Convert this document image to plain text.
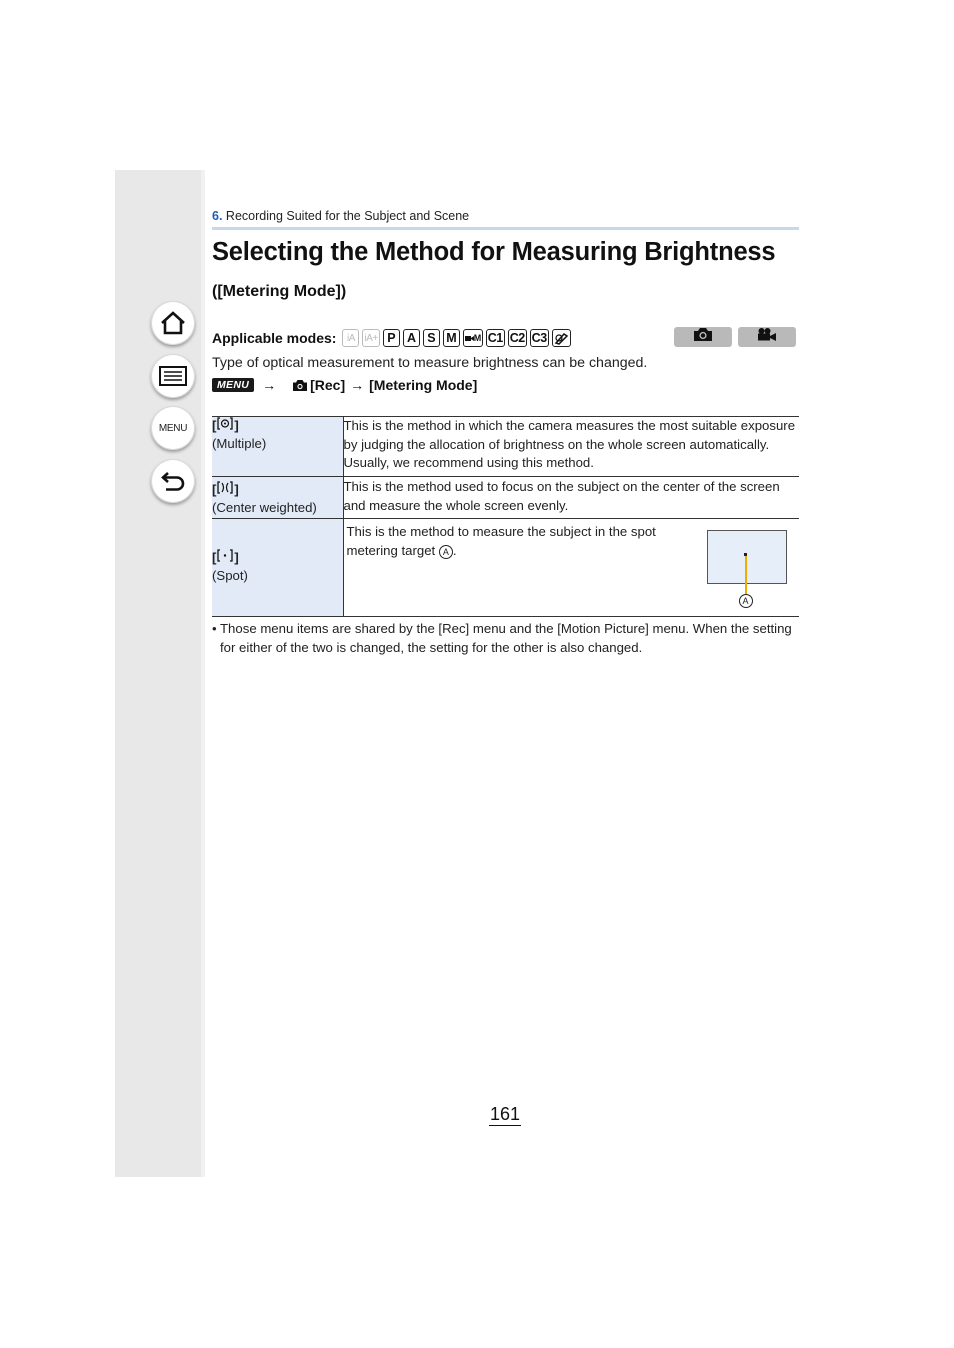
MENU
6. Recording Suited for the Subject and Scene
Selecting the Method for Measuring Brightness
([Metering Mode])
Applicable modes:	iA iA+ P A S M	M C1 C2 C3
Type of optical measurement to measure brightness can be changed.
MENU → [Rec] → [Metering Mode]
[ ]

(Multiple)	This is the method in which the camera measures the most suitable exposure by judging the allocation of brightness on the whole screen automatically. Usually, we recommend using this method.

[ ]

(Center weighted)	This is the method used to focus on the subject on the center of the screen and measure the whole screen evenly.

[ ]

(Spot)	This is the method to measure the subject in the spot
metering target A .
A
• Those menu items are shared by the [Rec] menu and the [Motion Picture] menu. When the setting for either of the two is changed, the setting for the other is also changed.

161
